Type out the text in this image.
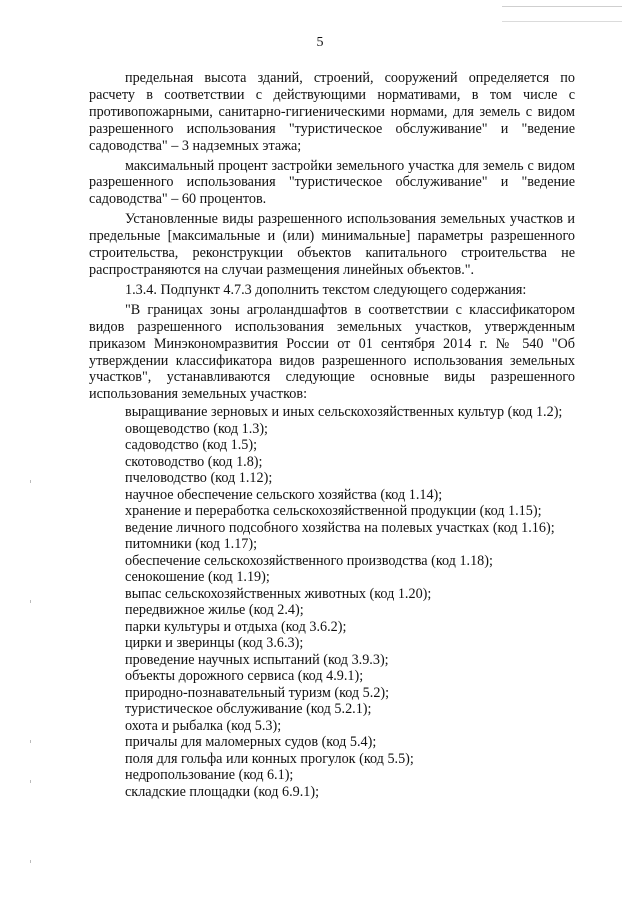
5

предельная высота зданий, строений, сооружений определяется по расчету в соответствии с действующими нормативами, в том числе с противопожарными, санитарно-гигиеническими нормами, для земель с видом разрешенного использования "туристическое обслуживание" и "ведение садоводства" – 3 надземных этажа;

максимальный процент застройки земельного участка для земель с видом разрешенного использования "туристическое обслуживание" и "ведение садоводства" – 60 процентов.

Установленные виды разрешенного использования земельных участков и предельные [максимальные и (или) минимальные] параметры разрешенного строительства, реконструкции объектов капитального строительства не распространяются на случаи размещения линейных объектов.".

1.3.4. Подпункт 4.7.3 дополнить текстом следующего содержания:

"В границах зоны агроландшафтов в соответствии с классификатором видов разрешенного использования земельных участков, утвержденным приказом Минэкономразвития России от 01 сентября 2014 г. № 540 "Об утверждении классификатора видов разрешенного использования земельных участков", устанавливаются следующие основные виды разрешенного использования земельных участков:

выращивание зерновых и иных сельскохозяйственных культур (код 1.2);
овощеводство (код 1.3);
садоводство (код 1.5);
скотоводство (код 1.8);
пчеловодство (код 1.12);
научное обеспечение сельского хозяйства (код 1.14);
хранение и переработка сельскохозяйственной продукции (код 1.15);
ведение личного подсобного хозяйства на полевых участках (код 1.16);
питомники (код 1.17);
обеспечение сельскохозяйственного производства (код 1.18);
сенокошение (код 1.19);
выпас сельскохозяйственных животных (код 1.20);
передвижное жилье (код 2.4);
парки культуры и отдыха (код 3.6.2);
цирки и зверинцы (код 3.6.3);
проведение научных испытаний (код 3.9.3);
объекты дорожного сервиса (код 4.9.1);
природно-познавательный туризм (код 5.2);
туристическое обслуживание (код 5.2.1);
охота и рыбалка (код 5.3);
причалы для маломерных судов (код 5.4);
поля для гольфа или конных прогулок (код 5.5);
недропользование (код 6.1);
складские площадки (код 6.9.1);
